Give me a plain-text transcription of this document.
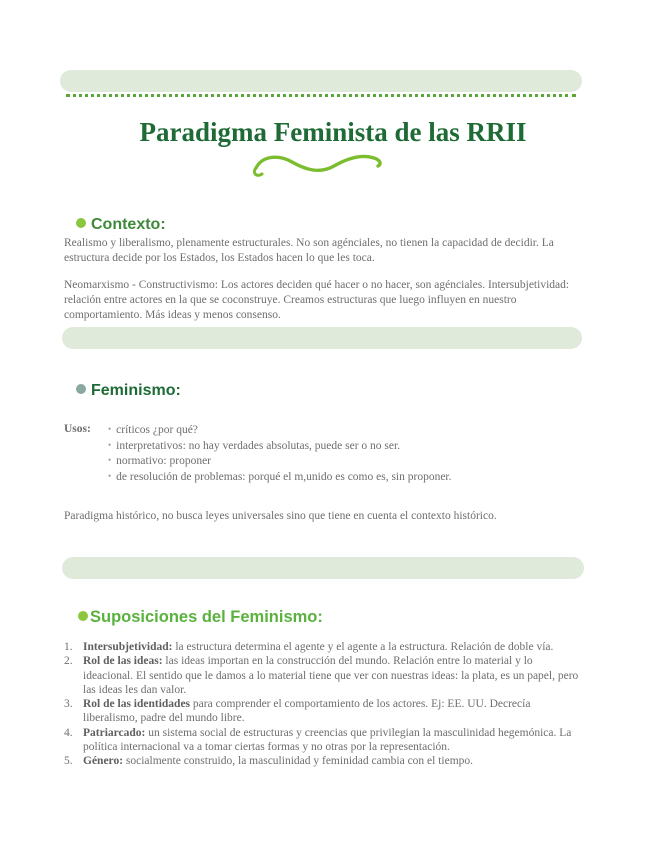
Paradigma Feminista de las RRII
Contexto:

Realismo y liberalismo, plenamente estructurales. No son agénciales, no tienen la capacidad de decidir. La estructura decide por los Estados, los Estados hacen lo que les toca.

Neomarxismo - Constructivismo: Los actores deciden qué hacer o no hacer, son agénciales. Intersubjetividad: relación entre actores en la que se coconstruye. Creamos estructuras que luego influyen en nuestro comportamiento. Más ideas y menos consenso.

Feminismo:
Usos:
•	críticos ¿por qué?
• interpretativos: no hay verdades absolutas, puede ser o no ser.
• normativo: proponer
• de resolución de problemas: porqué el m,unido es como es, sin proponer.

Paradigma histórico, no busca leyes universales sino que tiene en cuenta el contexto histórico.

Suposiciones del Feminismo:
1. Intersubjetividad: la estructura determina el agente y el agente a la estructura. Relación de doble vía.
2. Rol de las ideas: las ideas importan en la construcción del mundo. Relación entre lo material y lo ideacional. El sentido que le damos a lo material tiene que ver con nuestras ideas: la plata, es un papel, pero las ideas les dan valor.
3. Rol de las identidades para comprender el comportamiento de los actores. Ej: EE. UU. Decrecía liberalismo, padre del mundo libre.
4. Patriarcado: un sistema social de estructuras y creencias que privilegian la masculinidad hegemónica. La política internacional va a tomar ciertas formas y no otras por la representación.
5. Género: socialmente construido, la masculinidad y feminidad cambia con el tiempo.
